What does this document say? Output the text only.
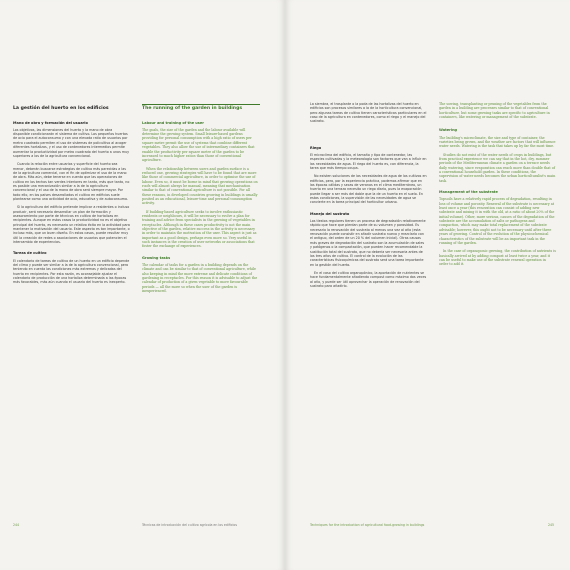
La gestión del huerto en los edificios
Mano de obra y formación del usuario

Los objetivos, las dimensiones del huerto y la mano de obra disponible condicionarán el sistema de cultivo. Los pequeños huertos de ocio para el autoconsumo y con una elevada ratio de usuarios por metro cuadrado permiten el uso de sistemas de policultivo al acoger diferentes hortalizas, y el uso de contenedores intermedios permite aumentar la productividad por metro cuadrado del huerto a unos muy superiores a los de la agricultura convencional.

Cuando la relación entre usuarios y superficie del huerto sea menor, deberán buscarse estrategias de cultivo más parecidas a las de la agricultura comercial, con el fin de optimizar el uso de la mano de obra. Más aún, debe tenerse en cuenta que las operaciones de cultivo en los techos tan verdes interiores en tanto, más que tanto, no es posible una mecanización similar a la de la agricultura convencional y el uso de la mano de obra será siempre mayor. Por todo ello, en los países desarrollados el cultivo en edificios suele plantearse como una actividad de ocio, educativa y de autoconsumo.

Si la agricultura del edificio pretende implicar a residentes o incluso producir, será necesario desarrollar un plan de formación y asesoramiento por parte de técnicos en cultivo de hortalizas en recipientes. Aunque en estos casos la productividad no es el objetivo principal del huerto, es necesario un relativo éxito en la actividad para mantener la motivación del usuario. Este aspecto es tan importante, o incluso más, que un buen diseño. En estos casos, puede resultar muy útil la creación de redes o asociaciones de usuarios que potencien el intercambio de experiencias.

Tareas de cultivo

El calendario de tareas de cultivo de un huerto en un edificio depende del clima y puede ser similar a la de la agricultura convencional, pero teniendo en cuenta las condiciones más extremas y delicadas del huerto en recipientes. Por esta razón, es aconsejable ajustar el calendario de producción de una hortaliza determinada a las épocas más favorables, más aún cuando el usuario del huerto es inexperto.

The running of the garden in buildings
Labour and training of the user

The goals, the size of the garden and the labour available will determine the growing system. Small leisure-based gardens providing for personal consumption with a high ratio of users per square metre permit the use of systems that combine different vegetables. They also allow the use of intermediary containers that enable the productivity per square metre of the garden to be increased to much higher ratios than those of conventional agriculture.

When the relationship between users and garden surface is a reduced one, growing strategies will have to be found that are more like those of commercial agriculture, in order to optimise the use of labour. Even so, it must be borne in mind that growing operations on roofs will almost always be manual, meaning that mechanisation similar to that of conventional agriculture is not possible. For all these reasons, in developed countries growing in buildings is usually posited as an educational, leisure-time and personal-consumption activity.

If building-based agriculture seeks to involve enthusiastic residents or neighbours, it will be necessary to evolve a plan for training and advice from specialists in the growing of vegetables in receptacles. Although in these cases productivity is not the main objective of the garden, relative success in the activity is necessary in order to maintain the motivation of the user. This aspect is just as important as a good design, perhaps even more so. Very useful in such instances is the creation of user networks or associations that foster the exchange of experiences.

Growing tasks

The calendar of tasks for a garden in a building depends on the climate and can be similar to that of conventional agriculture, while also keeping in mind the more extreme and delicate conditions of gardening in receptacles. For this reason it is advisable to adjust the calendar of production of a given vegetable to more favourable periods — all the more so when the user of the garden is inexperienced.

244	Técnicas de introducción del cultivo agrícola en los edificios

La siembra, el trasplante o la poda de las hortalizas del huerto en edificios son procesos similares a la de la horticultura convencional, pero algunas tareas de cultivo tienen características particulares en el caso de la agricultura en contenedores, como el riego y el manejo del sustrato.

Riego

El microclima del edificio, el tamaño y tipo de contenedor, las especies cultivadas y la meteorología son factores que van a influir en las necesidades de agua. El riego del huerto es, con diferencia, la tarea que más tiempo ocupa.

No existen soluciones de las necesidades de agua de los cultivos en edificios, pero, por la experiencia práctica, podemos afirmar que en las épocas cálidas y secas de veranos en el clima mediterráneo, un huerto en una terraza necesita un riego diario, pues la evaporación puede llegar a ser más del doble que la de un huerto en el suelo. En estas condiciones, la supervisión de las necesidades de agua se convierte en la tarea principal del horticultor urbano.

Manejo del sustrato

Los tiestos regulares tienen un proceso de degradación relativamente rápido que hace que pierdan parte de su volumen y porosidad. Es necesario la renovación del sustrato al menos una vez al año (esta renovación puede consistir en añadir sustrato nuevo y mezclarlo con el antiguo, del orden de un 20 % del volumen inicial). Otras causas más graves de degradación del sustrato son la acumulación de sales y patógenos o la compactación, que pueden hacer recomendable la sustitución total del sustrato, que no debería ser necesaria antes de los tres años de cultivo. El control de la evolución de las características fisicoquímicas del sustrato será una tarea importante en la gestión del huerto.

En el caso del cultivo organopónico, la aportación de nutrientes se hace fundamentalmente añadiendo compost como máximo dos veces al año, y puede ser útil aprovechar la operación de renovación del sustrato para añadirlo.

The sowing, transplanting or pruning of the vegetables from the garden in a building are processes similar to that of conventional horticulture, but some growing tasks are specific to agriculture in containers, like watering or management of the substrate.

Watering

The building's microclimate, the size and type of container, the varieties being grown, and the weather are factors that will influence water needs. Watering is the task that takes up by far the most time.

Studies do not exist of the water needs of crops in buildings, but from practical experience we can say that in the hot, dry, summer periods of the Mediterranean climate a garden on a terrace needs daily watering, since evaporation can reach more than double that of a conventional household garden. In these conditions, the supervision of water needs becomes the urban horticulturalist's main task.

Management of the substrate

Topsoils have a relatively rapid process of degradation, resulting in loss of volume and porosity. Renewal of the substrate is necessary at least once a year (this renovation can consist of adding new substrate and mixing it in with the old, at a ratio of about 20% of the initial volume). Other, more serious, causes of the degradation of the substrate are the accumulation of salts or pathogens and compaction, which may make total replacement of the substrate advisable; however, this ought not to be necessary until after three years of growing. Control of the evolution of the physicochemical characteristics of the substrate will be an important task in the running of the garden.

In the case of organoponic growing, the contribution of nutrients is basically arrived at by adding compost at least twice a year, and it can be useful to make use of the substrate renewal operation in order to add it.

Techniques for the introduction of agricultural food-growing in buildings	245
